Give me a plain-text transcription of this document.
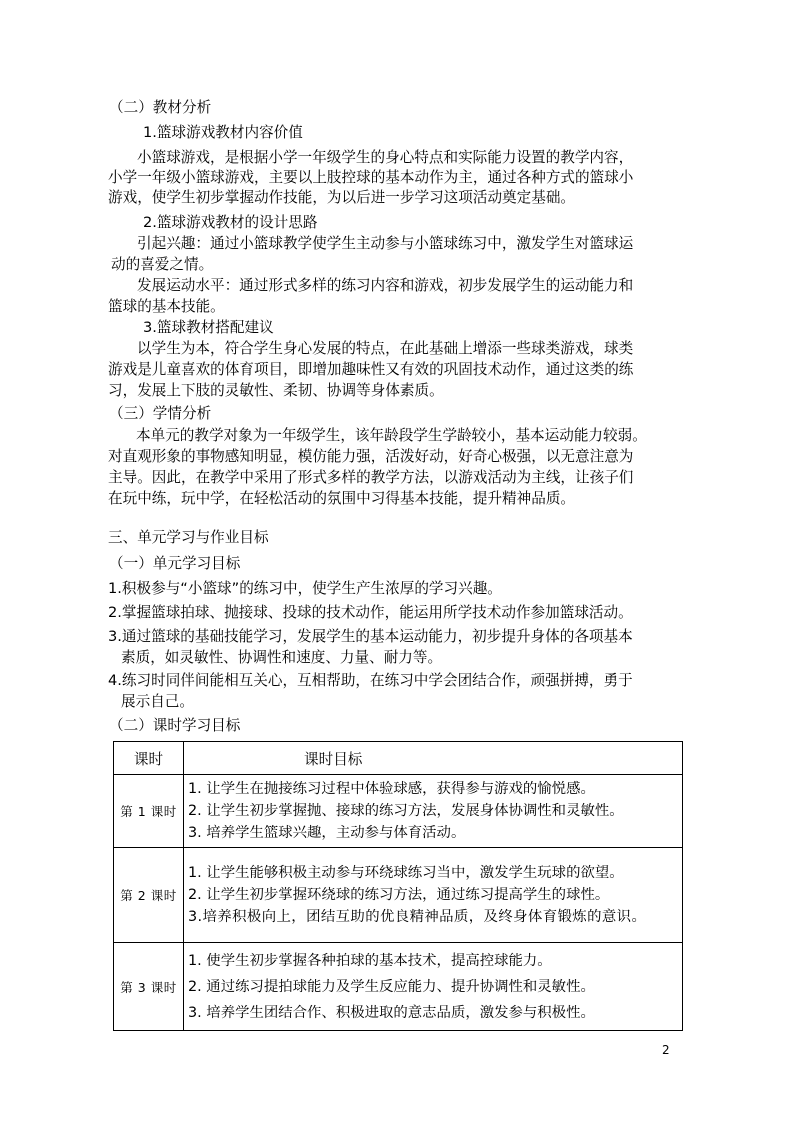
（二）教材分析
1.篮球游戏教材内容价值
小篮球游戏，是根据小学一年级学生的身心特点和实际能力设置的教学内容，
小学一年级小篮球游戏，主要以上肢控球的基本动作为主，通过各种方式的篮球小
游戏，使学生初步掌握动作技能，为以后进一步学习这项活动奠定基础。
2.篮球游戏教材的设计思路
引起兴趣：通过小篮球教学使学生主动参与小篮球练习中，激发学生对篮球运
动的喜爱之情。
发展运动水平：通过形式多样的练习内容和游戏，初步发展学生的运动能力和
篮球的基本技能。
3.篮球教材搭配建议
以学生为本，符合学生身心发展的特点，在此基础上增添一些球类游戏，球类
游戏是儿童喜欢的体育项目，即增加趣味性又有效的巩固技术动作，通过这类的练
习，发展上下肢的灵敏性、柔韧、协调等身体素质。
（三）学情分析
本单元的教学对象为一年级学生，该年龄段学生学龄较小，基本运动能力较弱。
对直观形象的事物感知明显，模仿能力强，活泼好动，好奇心极强，以无意注意为
主导。因此，在教学中采用了形式多样的教学方法，以游戏活动为主线，让孩子们
在玩中练，玩中学，在轻松活动的氛围中习得基本技能，提升精神品质。
三、单元学习与作业目标
（一）单元学习目标
1.积极参与“小篮球”的练习中，使学生产生浓厚的学习兴趣。
2.掌握篮球拍球、抛接球、投球的技术动作，能运用所学技术动作参加篮球活动。
3.通过篮球的基础技能学习，发展学生的基本运动能力，初步提升身体的各项基本
素质，如灵敏性、协调性和速度、力量、耐力等。
4.练习时同伴间能相互关心，互相帮助，在练习中学会团结合作，顽强拼搏，勇于
展示自己。
（二）课时学习目标
课时	课时目标
第 1 课时	1. 让学生在抛接练习过程中体验球感，获得参与游戏的愉悦感。
2. 让学生初步掌握抛、接球的练习方法，发展身体协调性和灵敏性。
3. 培养学生篮球兴趣，主动参与体育活动。

第 2 课时	1. 让学生能够积极主动参与环绕球练习当中，激发学生玩球的欲望。
2. 让学生初步掌握环绕球的练习方法，通过练习提高学生的球性。
3.培养积极向上，团结互助的优良精神品质，及终身体育锻炼的意识。

第 3 课时	1. 使学生初步掌握各种拍球的基本技术，提高控球能力。
2. 通过练习提拍球能力及学生反应能力、提升协调性和灵敏性。
3. 培养学生团结合作、积极进取的意志品质，激发参与积极性。
2
